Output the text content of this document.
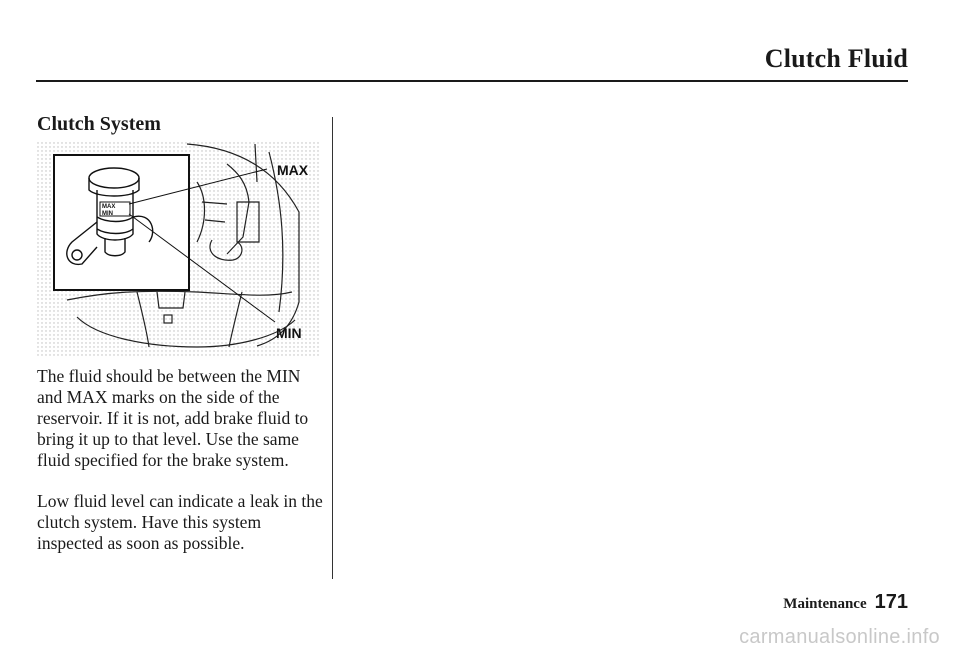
Clutch Fluid
Clutch System
MAX
MIN
MAX
MIN

The fluid should be between the MIN and MAX marks on the side of the reservoir. If it is not, add brake fluid to bring it up to that level. Use the same fluid specified for the brake system.

Low fluid level can indicate a leak in the clutch system. Have this system inspected as soon as possible.

Maintenance 171
carmanualsonline.info
